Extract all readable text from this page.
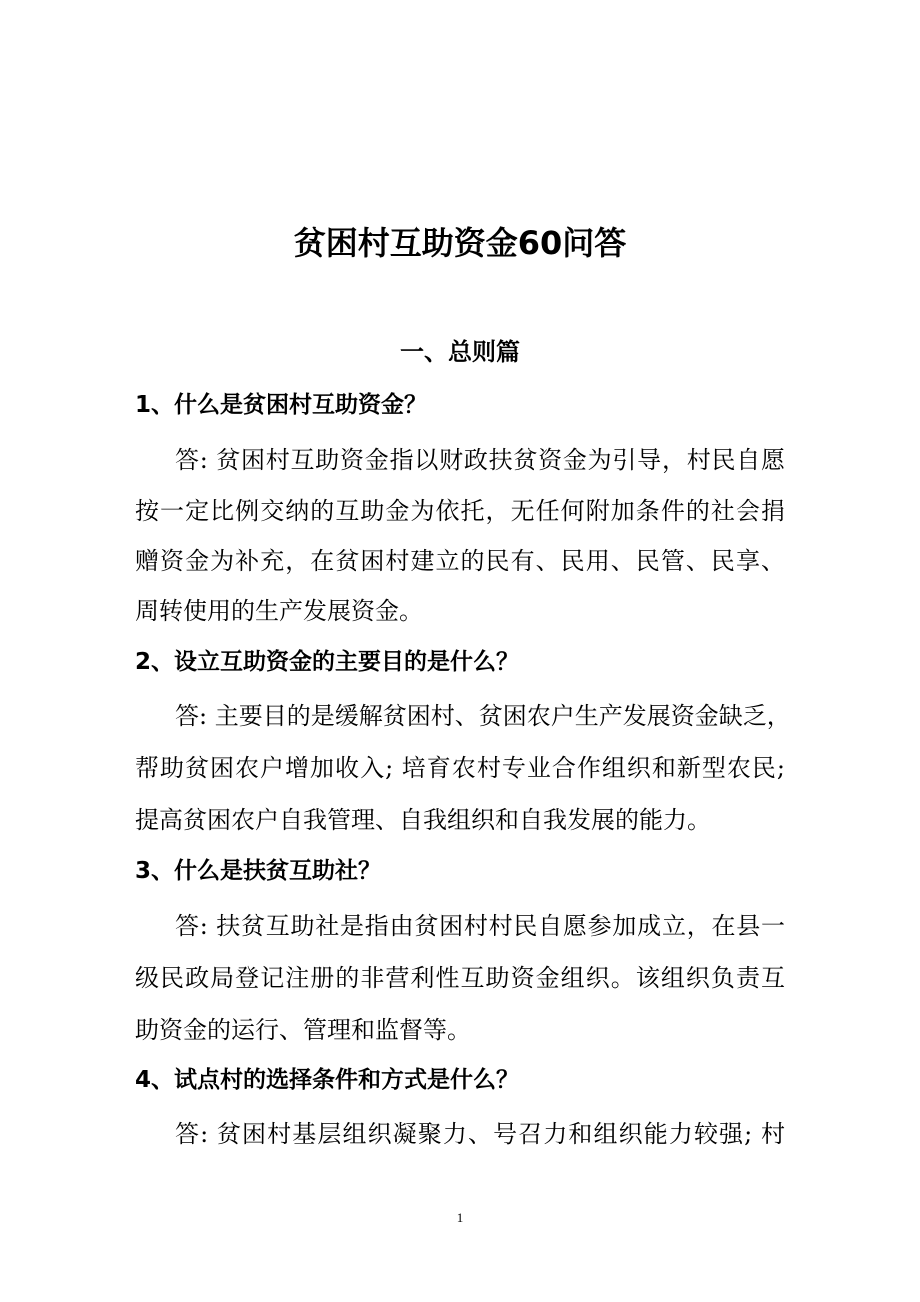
贫困村互助资金60问答
一、总则篇
1、什么是贫困村互助资金？
答: 贫困村互助资金指以财政扶贫资金为引导，村民自愿
按一定比例交纳的互助金为依托，无任何附加条件的社会捐
赠资金为补充，在贫困村建立的民有、民用、民管、民享、
周转使用的生产发展资金。
2、设立互助资金的主要目的是什么？
答: 主要目的是缓解贫困村、贫困农户生产发展资金缺乏，
帮助贫困农户增加收入; 培育农村专业合作组织和新型农民;
提高贫困农户自我管理、自我组织和自我发展的能力。
3、什么是扶贫互助社？
答: 扶贫互助社是指由贫困村村民自愿参加成立，在县一
级民政局登记注册的非营利性互助资金组织。该组织负责互
助资金的运行、管理和监督等。
4、试点村的选择条件和方式是什么？
答: 贫困村基层组织凝聚力、号召力和组织能力较强; 村
1
